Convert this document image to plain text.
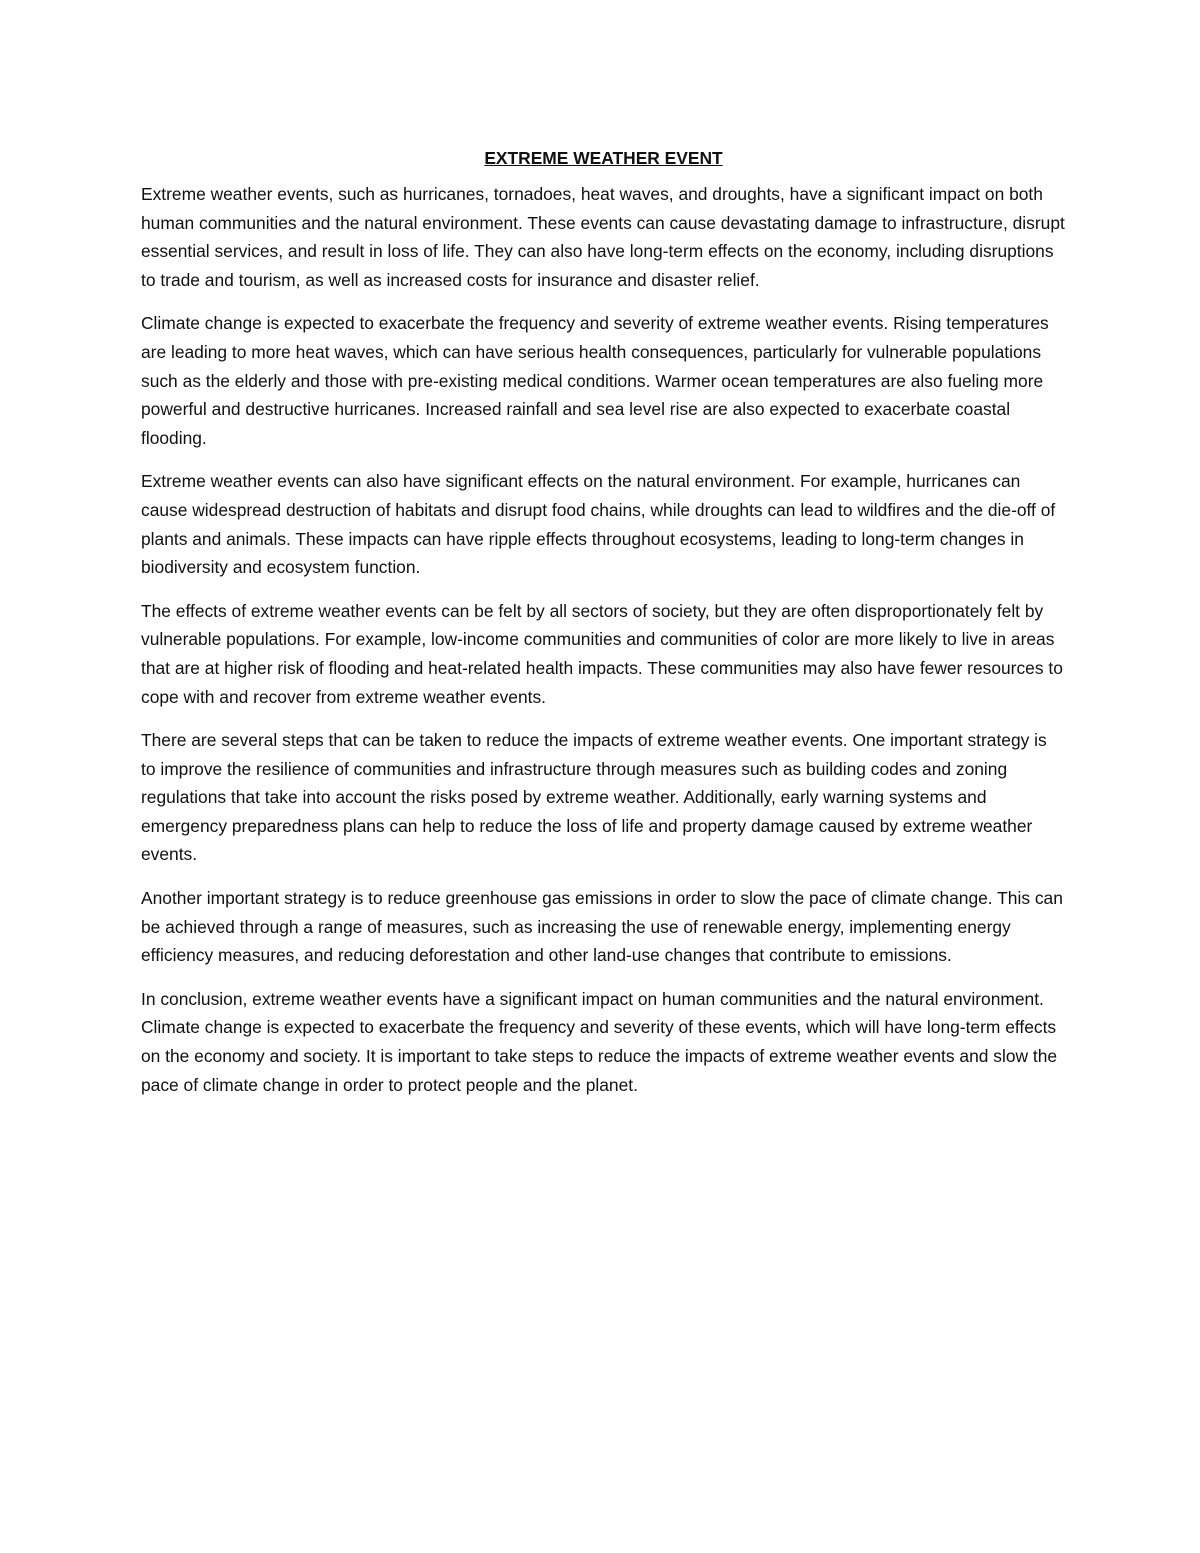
EXTREME WEATHER EVENT

Extreme weather events, such as hurricanes, tornadoes, heat waves, and droughts, have a significant impact on both human communities and the natural environment. These events can cause devastating damage to infrastructure, disrupt essential services, and result in loss of life. They can also have long-term effects on the economy, including disruptions to trade and tourism, as well as increased costs for insurance and disaster relief.

Climate change is expected to exacerbate the frequency and severity of extreme weather events. Rising temperatures are leading to more heat waves, which can have serious health consequences, particularly for vulnerable populations such as the elderly and those with pre-existing medical conditions. Warmer ocean temperatures are also fueling more powerful and destructive hurricanes. Increased rainfall and sea level rise are also expected to exacerbate coastal flooding.

Extreme weather events can also have significant effects on the natural environment. For example, hurricanes can cause widespread destruction of habitats and disrupt food chains, while droughts can lead to wildfires and the die-off of plants and animals. These impacts can have ripple effects throughout ecosystems, leading to long-term changes in biodiversity and ecosystem function.

The effects of extreme weather events can be felt by all sectors of society, but they are often disproportionately felt by vulnerable populations. For example, low-income communities and communities of color are more likely to live in areas that are at higher risk of flooding and heat-related health impacts. These communities may also have fewer resources to cope with and recover from extreme weather events.

There are several steps that can be taken to reduce the impacts of extreme weather events. One important strategy is to improve the resilience of communities and infrastructure through measures such as building codes and zoning regulations that take into account the risks posed by extreme weather. Additionally, early warning systems and emergency preparedness plans can help to reduce the loss of life and property damage caused by extreme weather events.

Another important strategy is to reduce greenhouse gas emissions in order to slow the pace of climate change. This can be achieved through a range of measures, such as increasing the use of renewable energy, implementing energy efficiency measures, and reducing deforestation and other land-use changes that contribute to emissions.

In conclusion, extreme weather events have a significant impact on human communities and the natural environment. Climate change is expected to exacerbate the frequency and severity of these events, which will have long-term effects on the economy and society. It is important to take steps to reduce the impacts of extreme weather events and slow the pace of climate change in order to protect people and the planet.
